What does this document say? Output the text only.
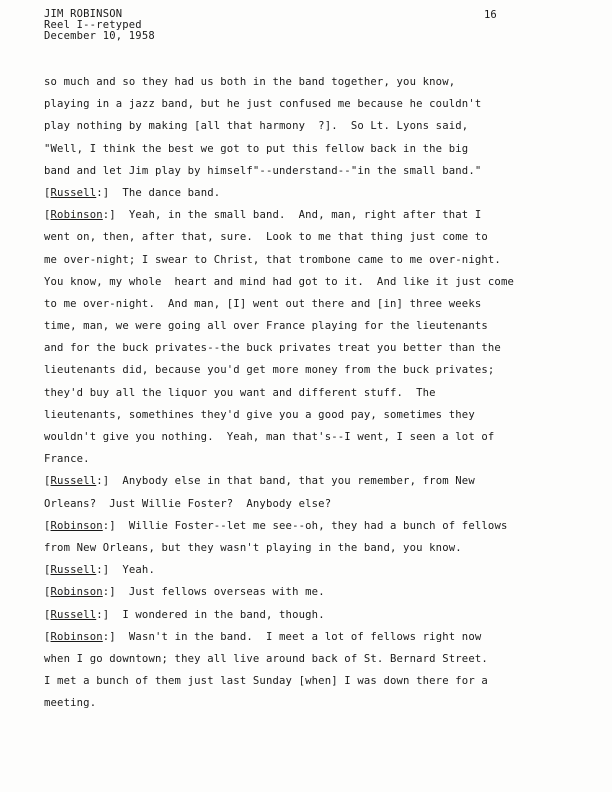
JIM ROBINSON
Reel I--retyped
December 10, 1958
16
so much and so they had us both in the band together, you know,
playing in a jazz band, but he just confused me because he couldn't
play nothing by making [all that harmony  ?].  So Lt. Lyons said,
"Well, I think the best we got to put this fellow back in the big
band and let Jim play by himself"--understand--"in the small band."
[Russell:]  The dance band.
[Robinson:]  Yeah, in the small band.  And, man, right after that I
went on, then, after that, sure.  Look to me that thing just come to
me over-night; I swear to Christ, that trombone came to me over-night.
You know, my whole  heart and mind had got to it.  And like it just come
to me over-night.  And man, [I] went out there and [in] three weeks
time, man, we were going all over France playing for the lieutenants
and for the buck privates--the buck privates treat you better than the
lieutenants did, because you'd get more money from the buck privates;
they'd buy all the liquor you want and different stuff.  The
lieutenants, somethines they'd give you a good pay, sometimes they
wouldn't give you nothing.  Yeah, man that's--I went, I seen a lot of
France.
[Russell:]  Anybody else in that band, that you remember, from New
Orleans?  Just Willie Foster?  Anybody else?
[Robinson:]  Willie Foster--let me see--oh, they had a bunch of fellows
from New Orleans, but they wasn't playing in the band, you know.
[Russell:]  Yeah.
[Robinson:]  Just fellows overseas with me.
[Russell:]  I wondered in the band, though.
[Robinson:]  Wasn't in the band.  I meet a lot of fellows right now
when I go downtown; they all live around back of St. Bernard Street.
I met a bunch of them just last Sunday [when] I was down there for a
meeting.
